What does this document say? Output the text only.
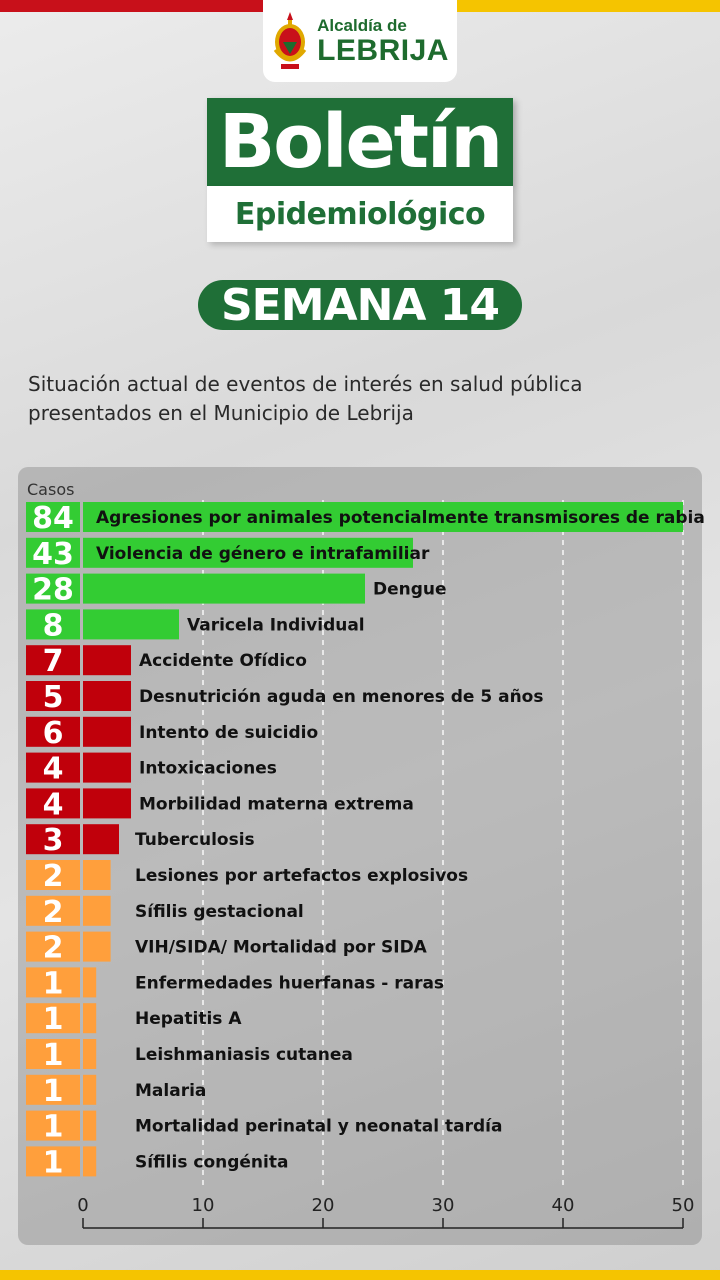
Alcaldía de
LEBRIJA
Boletín
Epidemiológico
SEMANA 14
Situación actual de eventos de interés en salud pública
presentados en el Municipio de Lebrija
Casos
84 Agresiones por animales potencialmente transmisores de rabia
43 Violencia de género e intrafamiliar
28	Dengue
8	Varicela Individual
7	Accidente Ofídico
5	Desnutrición aguda en menores de 5 años
6	Intento de suicidio
4	Intoxicaciones
4	Morbilidad materna extrema
3	Tuberculosis
2	Lesiones por artefactos explosivos
2	Sífilis gestacional
2	VIH/SIDA/ Mortalidad por SIDA
1	Enfermedades huerfanas - raras
1	Hepatitis A
1	Leishmaniasis cutanea
1	Malaria
1	Mortalidad perinatal y neonatal tardía
1	Sífilis congénita
0	10	20	30	40	50
